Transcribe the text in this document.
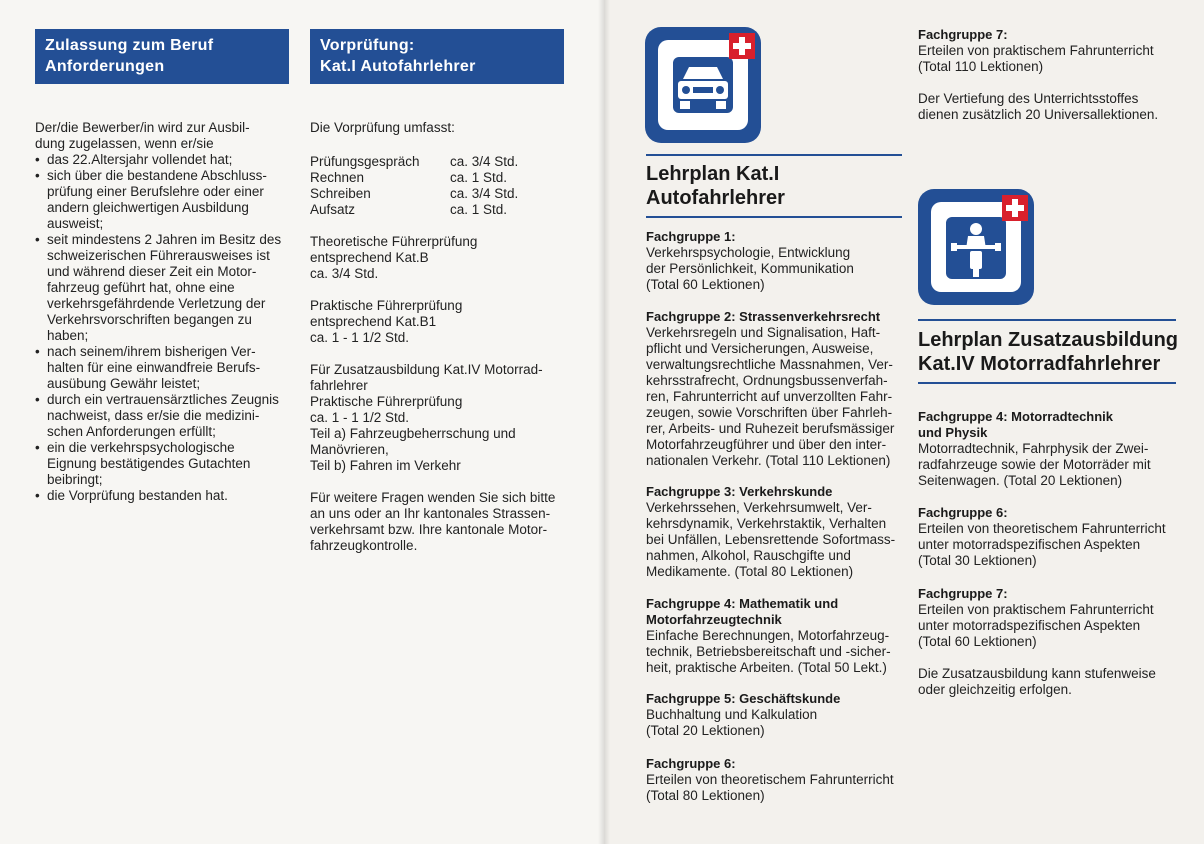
Zulassung zum Beruf
Anforderungen
Vorprüfung:
Kat.I Autofahrlehrer

Der/die Bewerber/in wird zur Ausbil-
dung zugelassen, wenn er/sie

• das 22.Altersjahr vollendet hat;
• sich über die bestandene Abschluss-
prüfung einer Berufslehre oder einer
andern gleichwertigen Ausbildung
ausweist;
• seit mindestens 2 Jahren im Besitz des
schweizerischen Führerausweises ist
und während dieser Zeit ein Motor-
fahrzeug geführt hat, ohne eine
verkehrsgefährdende Verletzung der
Verkehrsvorschriften begangen zu
haben;
• nach seinem/ihrem bisherigen Ver-
halten für eine einwandfreie Berufs-
ausübung Gewähr leistet;
• durch ein vertrauensärztliches Zeugnis
nachweist, dass er/sie die medizini-
schen Anforderungen erfüllt;
• ein die verkehrspsychologische
Eignung bestätigendes Gutachten
beibringt;
• die Vorprüfung bestanden hat.

Die Vorprüfung umfasst:

Prüfungsgespräch	ca. 3/4 Std.
Rechnen	ca. 1 Std.
Schreiben	ca. 3/4 Std.
Aufsatz	ca. 1 Std.

Theoretische Führerprüfung
entsprechend Kat.B
ca. 3/4 Std.

Praktische Führerprüfung
entsprechend Kat.B1
ca. 1 - 1 1/2 Std.

Für Zusatzausbildung Kat.IV Motorrad-
fahrlehrer
Praktische Führerprüfung
ca. 1 - 1 1/2 Std.
Teil a) Fahrzeugbeherrschung und
Manövrieren,
Teil b) Fahren im Verkehr

Für weitere Fragen wenden Sie sich bitte
an uns oder an Ihr kantonales Strassen-
verkehrsamt bzw. Ihre kantonale Motor-
fahrzeugkontrolle.

Lehrplan Kat.I
Autofahrlehrer
Fachgruppe 1:
Verkehrspsychologie, Entwicklung
der Persönlichkeit, Kommunikation
(Total 60 Lektionen)
Fachgruppe 2: Strassenverkehrsrecht
Verkehrsregeln und Signalisation, Haft-
pflicht und Versicherungen, Ausweise,
verwaltungsrechtliche Massnahmen, Ver-
kehrsstrafrecht, Ordnungsbussenverfah-
ren, Fahrunterricht auf unverzollten Fahr-
zeugen, sowie Vorschriften über Fahrleh-
rer, Arbeits- und Ruhezeit berufsmässiger
Motorfahrzeugführer und über den inter-
nationalen Verkehr. (Total 110 Lektionen)
Fachgruppe 3: Verkehrskunde
Verkehrssehen, Verkehrsumwelt, Ver-
kehrsdynamik, Verkehrstaktik, Verhalten
bei Unfällen, Lebensrettende Sofortmass-
nahmen, Alkohol, Rauschgifte und
Medikamente. (Total 80 Lektionen)
Fachgruppe 4: Mathematik und
Motorfahrzeugtechnik
Einfache Berechnungen, Motorfahrzeug-
technik, Betriebsbereitschaft und -sicher-
heit, praktische Arbeiten. (Total 50 Lekt.)
Fachgruppe 5: Geschäftskunde
Buchhaltung und Kalkulation
(Total 20 Lektionen)
Fachgruppe 6:
Erteilen von theoretischem Fahrunterricht
(Total 80 Lektionen)
Fachgruppe 7:
Erteilen von praktischem Fahrunterricht
(Total 110 Lektionen)
Der Vertiefung des Unterrichtsstoffes
dienen zusätzlich 20 Universallektionen.
Lehrplan Zusatzausbildung
Kat.IV Motorradfahrlehrer
Fachgruppe 4: Motorradtechnik
und Physik
Motorradtechnik, Fahrphysik der Zwei-
radfahrzeuge sowie der Motorräder mit
Seitenwagen. (Total 20 Lektionen)
Fachgruppe 6:
Erteilen von theoretischem Fahrunterricht
unter motorradspezifischen Aspekten
(Total 30 Lektionen)
Fachgruppe 7:
Erteilen von praktischem Fahrunterricht
unter motorradspezifischen Aspekten
(Total 60 Lektionen)
Die Zusatzausbildung kann stufenweise
oder gleichzeitig erfolgen.
